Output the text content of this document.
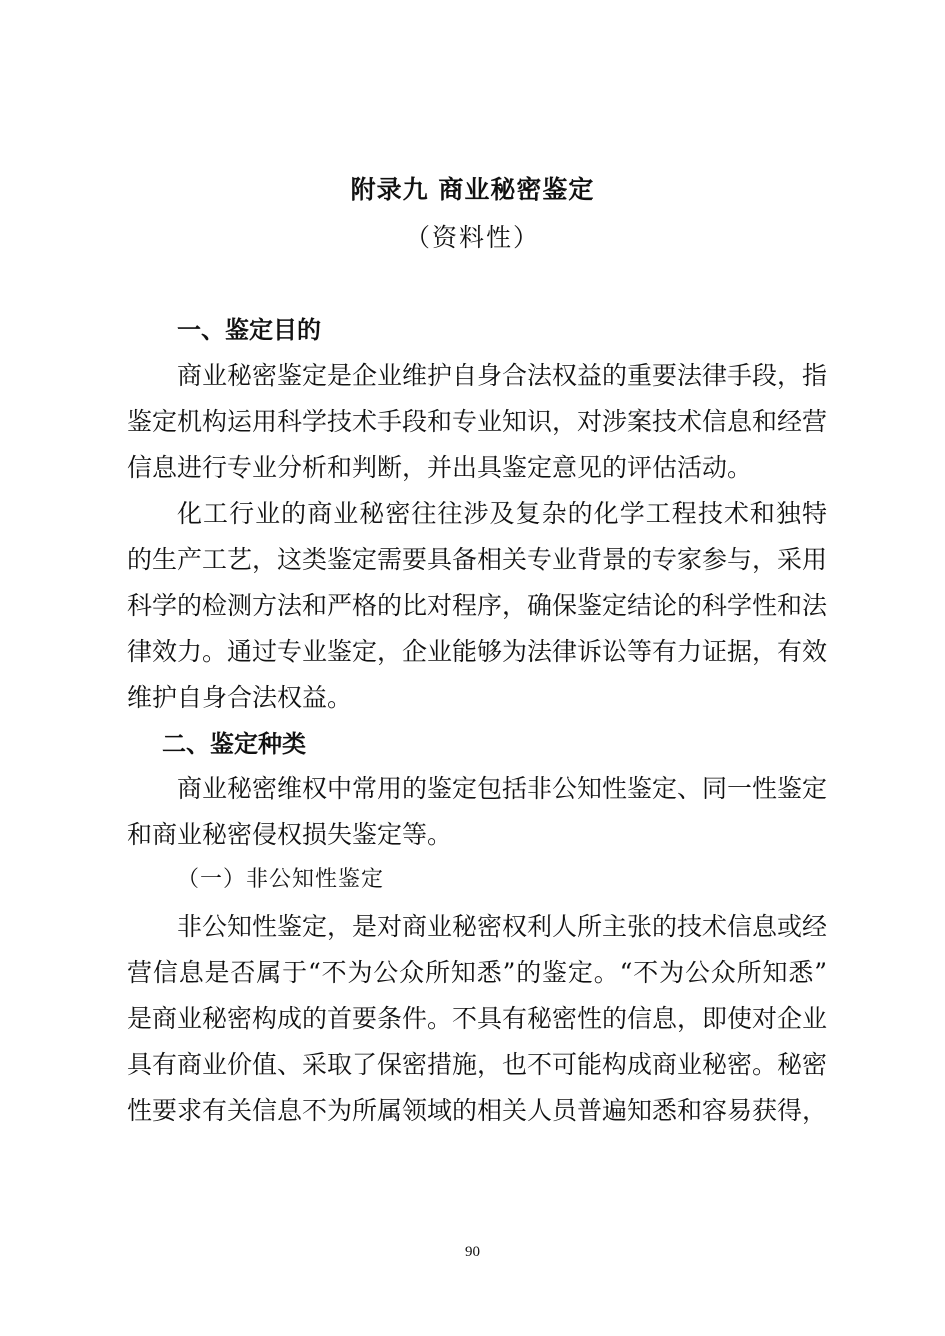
附录九 商业秘密鉴定
（资料性）
一、鉴定目的
商业秘密鉴定是企业维护自身合法权益的重要法律手段，指
鉴定机构运用科学技术手段和专业知识，对涉案技术信息和经营
信息进行专业分析和判断，并出具鉴定意见的评估活动。
化工行业的商业秘密往往涉及复杂的化学工程技术和独特
的生产工艺，这类鉴定需要具备相关专业背景的专家参与，采用
科学的检测方法和严格的比对程序，确保鉴定结论的科学性和法
律效力。通过专业鉴定，企业能够为法律诉讼等有力证据，有效
维护自身合法权益。
二、鉴定种类
商业秘密维权中常用的鉴定包括非公知性鉴定、同一性鉴定
和商业秘密侵权损失鉴定等。
（一）非公知性鉴定
非公知性鉴定，是对商业秘密权利人所主张的技术信息或经
营信息是否属于“不为公众所知悉”的鉴定。“不为公众所知悉”
是商业秘密构成的首要条件。不具有秘密性的信息，即使对企业
具有商业价值、采取了保密措施，也不可能构成商业秘密。秘密
性要求有关信息不为所属领域的相关人员普遍知悉和容易获得，
90
